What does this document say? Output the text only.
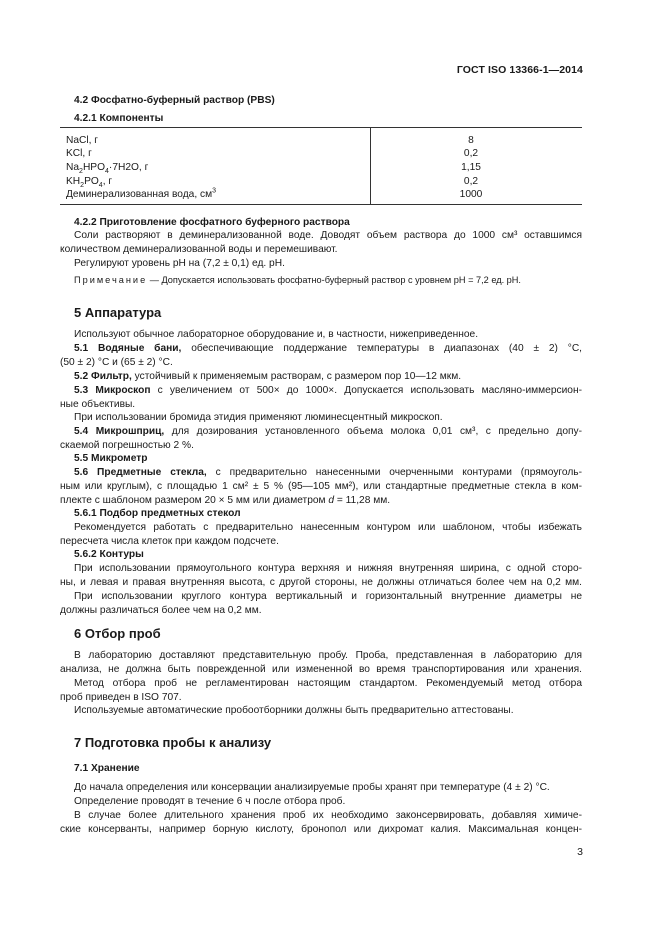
ГОСТ ISO 13366-1—2014

4.2 Фосфатно-буферный раствор (PBS)

4.2.1 Компоненты

NaCl, г	8
KCl, г	0,2
$Na_2HPO_4\cdot 7H2O$, г	1,15
$KH_2PO_4$, г	0,2
Деминерализованная вода, $см^3$	1000

4.2.2 Приготовление фосфатного буферного раствора

Соли растворяют в деминерализованной воде. Доводят объем раствора до 1000 см³ оставшимся

количеством деминерализованной воды и перемешивают.

Регулируют уровень рН на (7,2 ± 0,1) ед. рН.

Примечание — Допускается использовать фосфатно-буферный раствор с уровнем рН = 7,2 ед. рН.

5 Аппаратура

Используют обычное лабораторное оборудование и, в частности, нижеприведенное.

5.1 Водяные бани, обеспечивающие поддержание температуры в диапазонах (40 ± 2) °С,

(50 ± 2) °С и (65 ± 2) °С.

5.2 Фильтр, устойчивый к применяемым растворам, с размером пор 10—12 мкм.

5.3 Микроскоп с увеличением от 500× до 1000×. Допускается использовать масляно-иммерсион-

ные объективы.

При использовании бромида этидия применяют люминесцентный микроскоп.

5.4 Микрошприц, для дозирования установленного объема молока 0,01 см³, с предельно допу-

скаемой погрешностью 2 %.

5.5 Микрометр

5.6 Предметные стекла, с предварительно нанесенными очерченными контурами (прямоуголь-

ным или круглым), с площадью 1 см² ± 5 % (95—105 мм²), или стандартные предметные стекла в ком-

плекте с шаблоном размером 20 × 5 мм или диаметром d = 11,28 мм.

5.6.1 Подбор предметных стекол

Рекомендуется работать с предварительно нанесенным контуром или шаблоном, чтобы избежать

пересчета числа клеток при каждом подсчете.

5.6.2 Контуры

При использовании прямоугольного контура верхняя и нижняя внутренняя ширина, с одной сторо-

ны, и левая и правая внутренняя высота, с другой стороны, не должны отличаться более чем на 0,2 мм.

При использовании круглого контура вертикальный и горизонтальный внутренние диаметры не

должны различаться более чем на 0,2 мм.

6 Отбор проб

В лабораторию доставляют представительную пробу. Проба, представленная в лабораторию для

анализа, не должна быть поврежденной или измененной во время транспортирования или хранения.

Метод отбора проб не регламентирован настоящим стандартом. Рекомендуемый метод отбора

проб приведен в ISO 707.

Используемые автоматические пробоотборники должны быть предварительно аттестованы.

7 Подготовка пробы к анализу

7.1 Хранение

До начала определения или консервации анализируемые пробы хранят при температуре (4 ± 2) °С.

Определение проводят в течение 6 ч после отбора проб.

В случае более длительного хранения проб их необходимо законсервировать, добавляя химиче-

ские консерванты, например борную кислоту, бронопол или дихромат калия. Максимальная концен-

3
